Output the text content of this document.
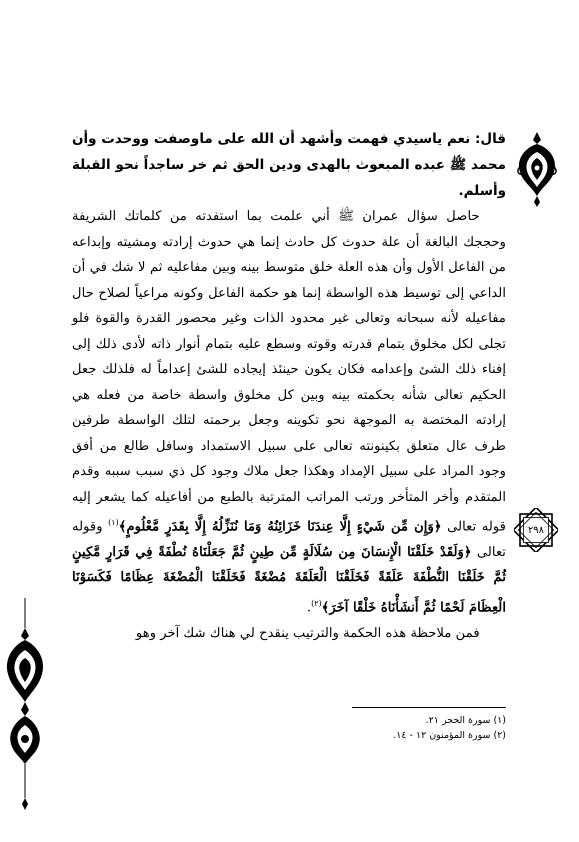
٢٩٨

قال: نعم ياسيدي فهمت وأشهد أن الله على ماوصفت ووحدت وأن محمد ﷺ عبده المبعوث بالهدى ودين الحق ثم خر ساجداً نحو القبلة وأسلم.

  حاصل سؤال عمران ﷺ أني علمت بما استفدته من كلماتك الشريفة وحججك البالغة أن علة حدوث كل حادث إنما هي حدوث إرادته ومشيته وإبداعه من الفاعل الأول وأن هذه العلة خلق متوسط بينه وبين مفاعليه ثم لا شك في أن الداعي إلى توسيط هذه الواسطة إنما هو حكمة الفاعل وكونه مراعياً لصلاح حال مفاعيله لأنه سبحانه وتعالى غير محدود الذات وغير محصور القدرة والقوة فلو تجلى لكل مخلوق بتمام قدرته وقوته وسطع عليه بتمام أنوار ذاته لأدى ذلك إلى إفناء ذلك الشئ وإعدامه فكان يكون حينئذ إيجاده للشئ إعداماً له فلذلك جعل الحكيم تعالى شأنه بحكمته بينه وبين كل مخلوق واسطة خاصة من فعله هي إرادته المختصة به الموجهة نحو تكوينه وجعل برحمته لتلك الواسطة طرفين طرف عال متعلق بكينونته تعالى على سبيل الاستمداد وسافل طالع من أفق وجود المراد على سبيل الإمداد وهكذا جعل ملاك وجود كل ذي سبب سببه وقدم المتقدم وأخر المتأخر ورتب المراتب المترتبة بالطبع من أفاعيله كما يشعر إليه قوله تعالى ﴿وَإِن مِّن شَيْءٍ إِلَّا عِندَنَا خَزَائِنُهُ وَمَا نُنَزِّلُهُ إِلَّا بِقَدَرٍ مَّعْلُومٍ﴾$^{(١)}$ وقوله تعالى ﴿وَلَقَدْ خَلَقْنَا الْإِنسَانَ مِن سُلَالَةٍ مِّن طِينٍ ثُمَّ جَعَلْنَاهُ نُطْفَةً فِي قَرَارٍ مَّكِينٍ ثُمَّ خَلَقْنَا النُّطْفَةَ عَلَقَةً فَخَلَقْنَا الْعَلَقَةَ مُضْغَةً فَخَلَقْنَا الْمُضْغَةَ عِظَامًا فَكَسَوْنَا الْعِظَامَ لَحْمًا ثُمَّ أَنشَأْنَاهُ خَلْقًا آخَرَ﴾$^{(٢)}$.

  فمن ملاحظة هذه الحكمة والترتيب ينقدح لي هناك شك آخر وهو

(١) سورة الحجر ٢١.
(٢) سورة المؤمنون ١٢ - ١٤.
